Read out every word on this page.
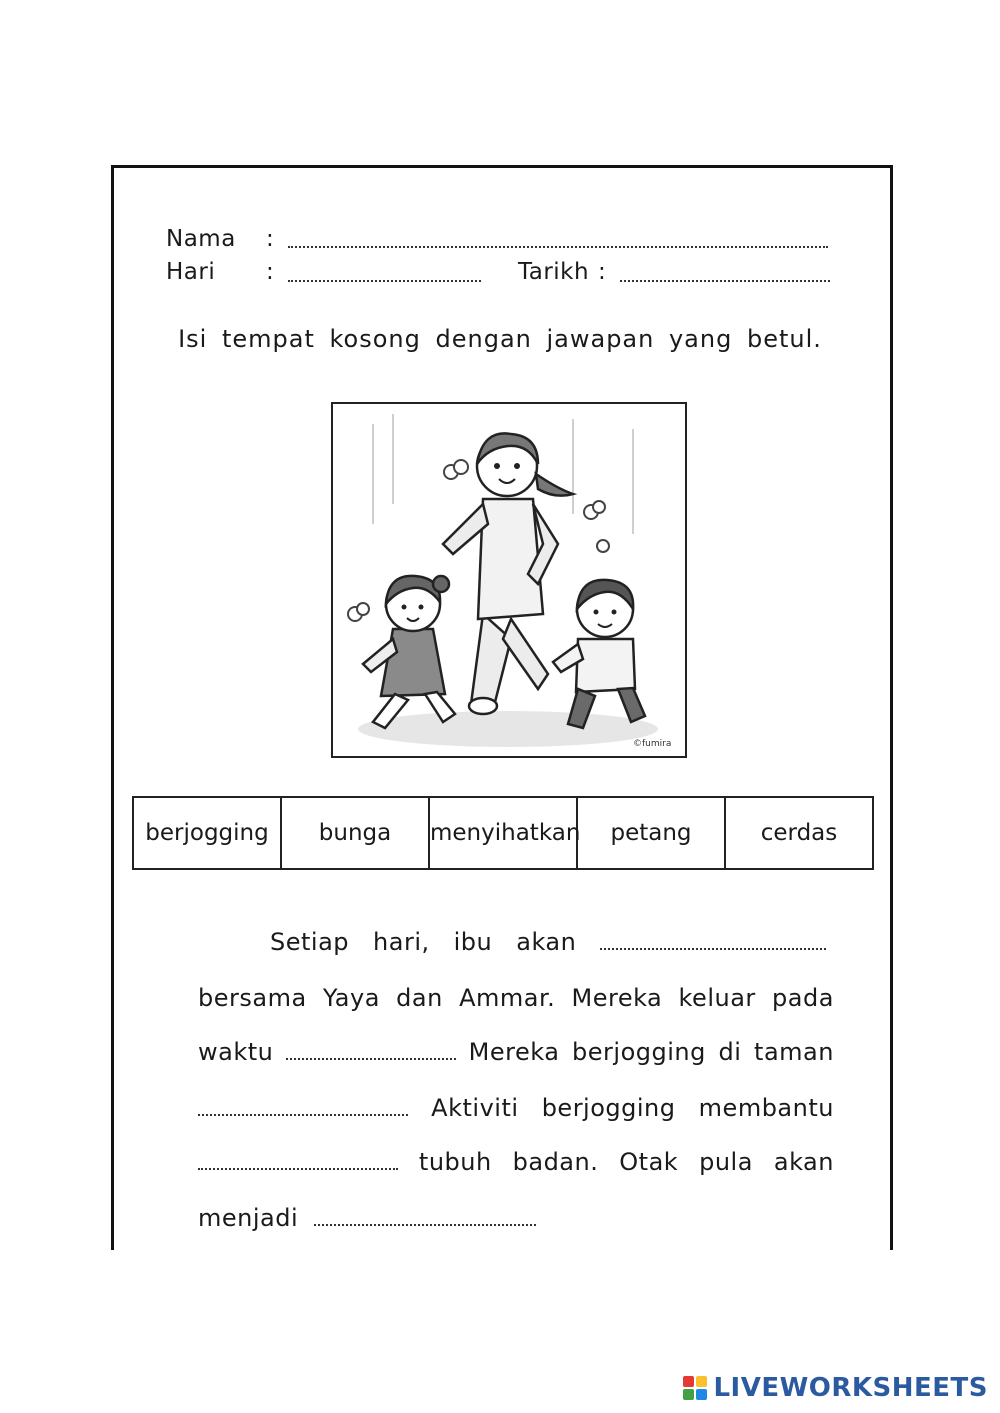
Nama :
Hari :	Tarikh :
Isi tempat kosong dengan jawapan yang betul.
©fumira
berjogging	bunga	menyihatkan	petang	cerdas
Setiap hari, ibu akan
bersama Yaya dan Ammar. Mereka keluar pada
waktu	Mereka berjogging di taman
Aktiviti berjogging membantu
tubuh badan. Otak pula akan
menjadi
LIVEWORKSHEETS
